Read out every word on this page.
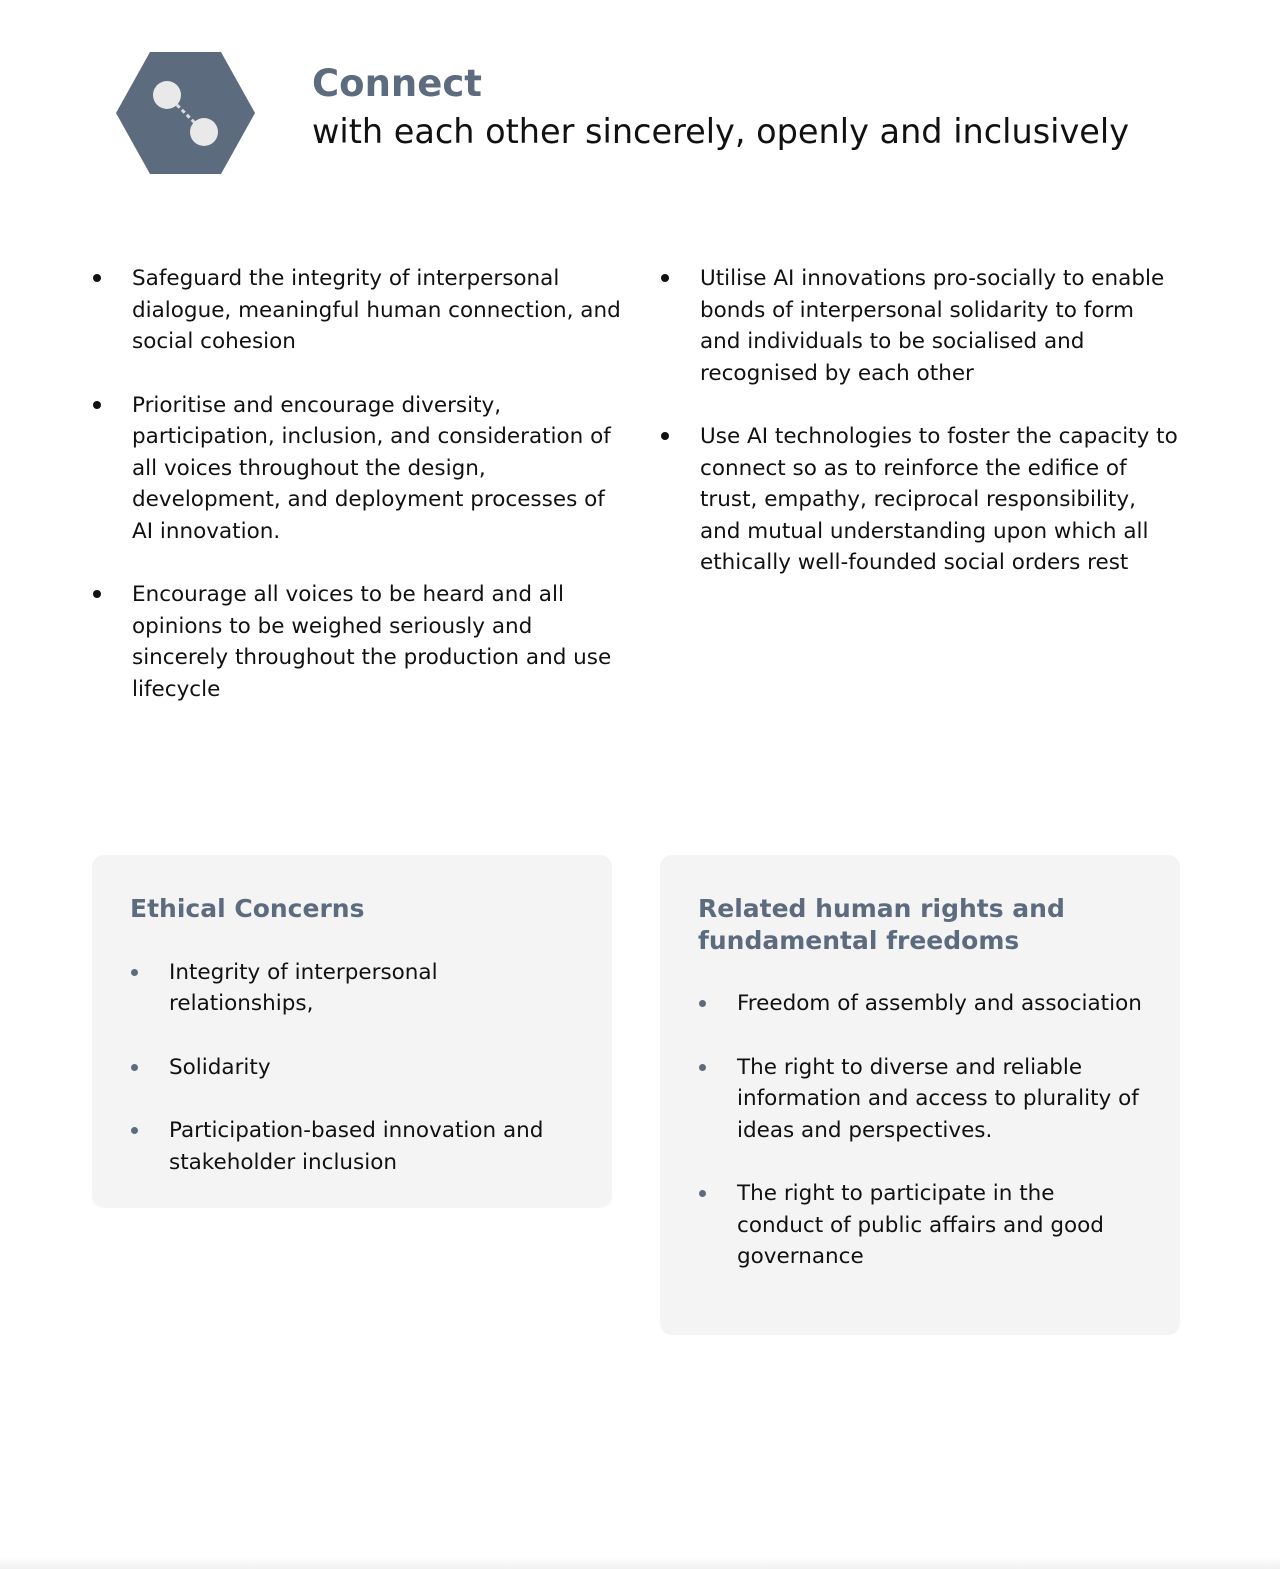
Connect
with each other sincerely, openly and inclusively
Safeguard the integrity of interpersonal dialogue, meaningful human connection, and social cohesion
Prioritise and encourage diversity, participation, inclusion, and consideration of all voices throughout the design, development, and deployment processes of AI innovation.
Encourage all voices to be heard and all opinions to be weighed seriously and sincerely throughout the production and use lifecycle
Utilise AI innovations pro-socially to enable bonds of interpersonal solidarity to form and individuals to be socialised and recognised by each other
Use AI technologies to foster the capacity to connect so as to reinforce the edifice of trust, empathy, reciprocal responsibility, and mutual understanding upon which all ethically well-founded social orders rest
Ethical Concerns
Integrity of interpersonal relationships,
Solidarity
Participation-based innovation and stakeholder inclusion
Related human rights and fundamental freedoms
Freedom of assembly and association
The right to diverse and reliable information and access to plurality of ideas and perspectives.
The right to participate in the conduct of public affairs and good governance
